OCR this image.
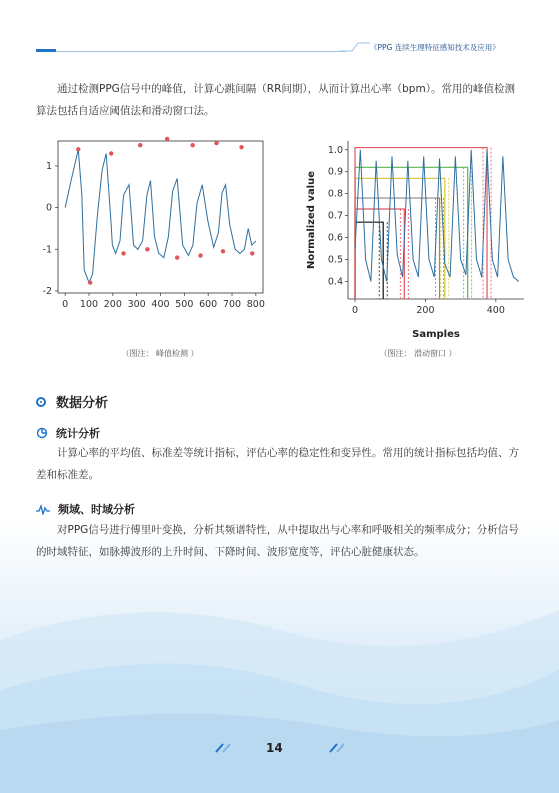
《PPG 连续生理特征感知技术及应用》

通过检测PPG信号中的峰值，计算心跳间隔（RR间期），从而计算出心率（bpm）。常用的峰值检测算法包括自适应阈值法和滑动窗口法。

0 100 200 300 400 500 600 700 800
-2
-1
0
1
0	200	400
0.4
0.5
0.6
0.7
0.8
0.9
1.0
Samples
Normalized value
（图注： 峰值检测 ）	（图注： 滑动窗口 ）
数据分析
统计分析

计算心率的平均值、标准差等统计指标，评估心率的稳定性和变异性。常用的统计指标包括均值、方差和标准差。

频域、时域分析

对PPG信号进行傅里叶变换，分析其频谱特性，从中提取出与心率和呼吸相关的频率成分；分析信号的时域特征，如脉搏波形的上升时间、下降时间、波形宽度等，评估心脏健康状态。

14
